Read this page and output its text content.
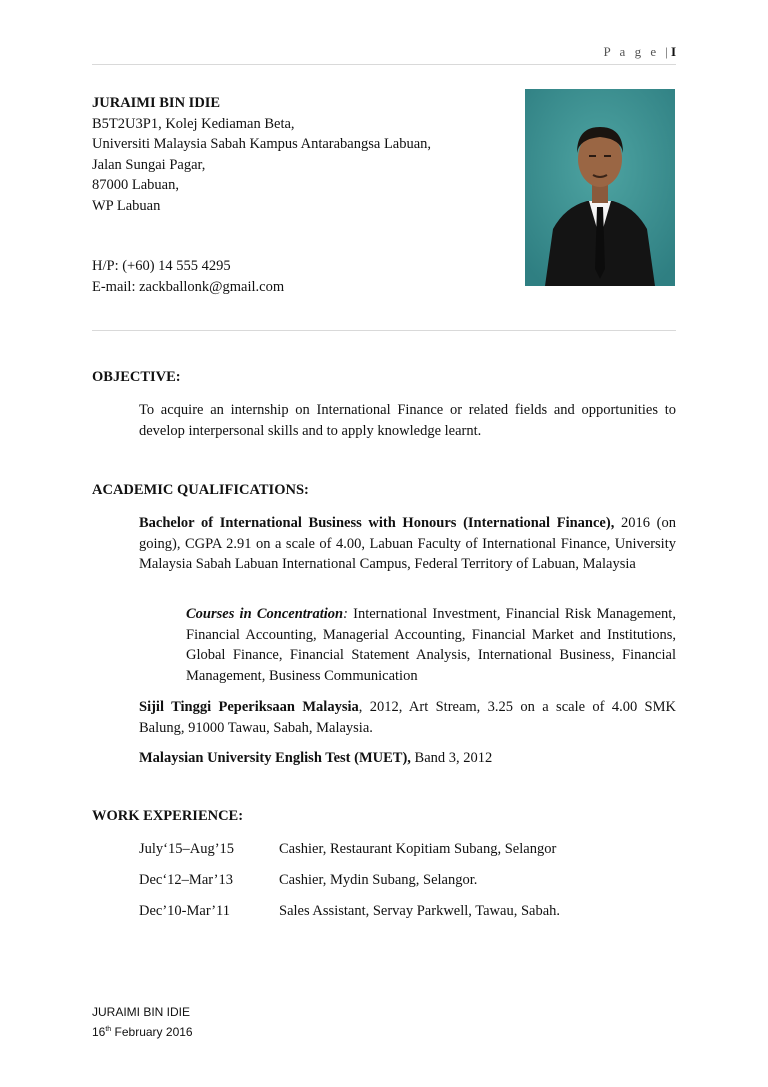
P a g e |I
JURAIMI BIN IDIE
B5T2U3P1, Kolej Kediaman Beta,
Universiti Malaysia Sabah Kampus Antarabangsa Labuan,
Jalan Sungai Pagar,
87000 Labuan,
WP Labuan
H/P: (+60) 14 555 4295
E-mail: zackballonk@gmail.com
OBJECTIVE:
To acquire an internship on International Finance or related fields and opportunities to develop interpersonal skills and to apply knowledge learnt.
ACADEMIC QUALIFICATIONS:
Bachelor of International Business with Honours (International Finance), 2016 (on going), CGPA 2.91 on a scale of 4.00, Labuan Faculty of International Finance, University Malaysia Sabah Labuan International Campus, Federal Territory of Labuan, Malaysia
Courses in Concentration: International Investment, Financial Risk Management, Financial Accounting, Managerial Accounting, Financial Market and Institutions, Global Finance, Financial Statement Analysis, International Business, Financial Management, Business Communication
Sijil Tinggi Peperiksaan Malaysia, 2012, Art Stream, 3.25 on a scale of 4.00 SMK Balung, 91000 Tawau, Sabah, Malaysia.
Malaysian University English Test (MUET), Band 3, 2012
WORK EXPERIENCE:
July‘15–Aug’15	Cashier, Restaurant Kopitiam Subang, Selangor
Dec‘12–Mar’13	Cashier, Mydin Subang, Selangor.
Dec’10-Mar’11	Sales Assistant, Servay Parkwell, Tawau, Sabah.
JURAIMI BIN IDIE
16th February 2016
